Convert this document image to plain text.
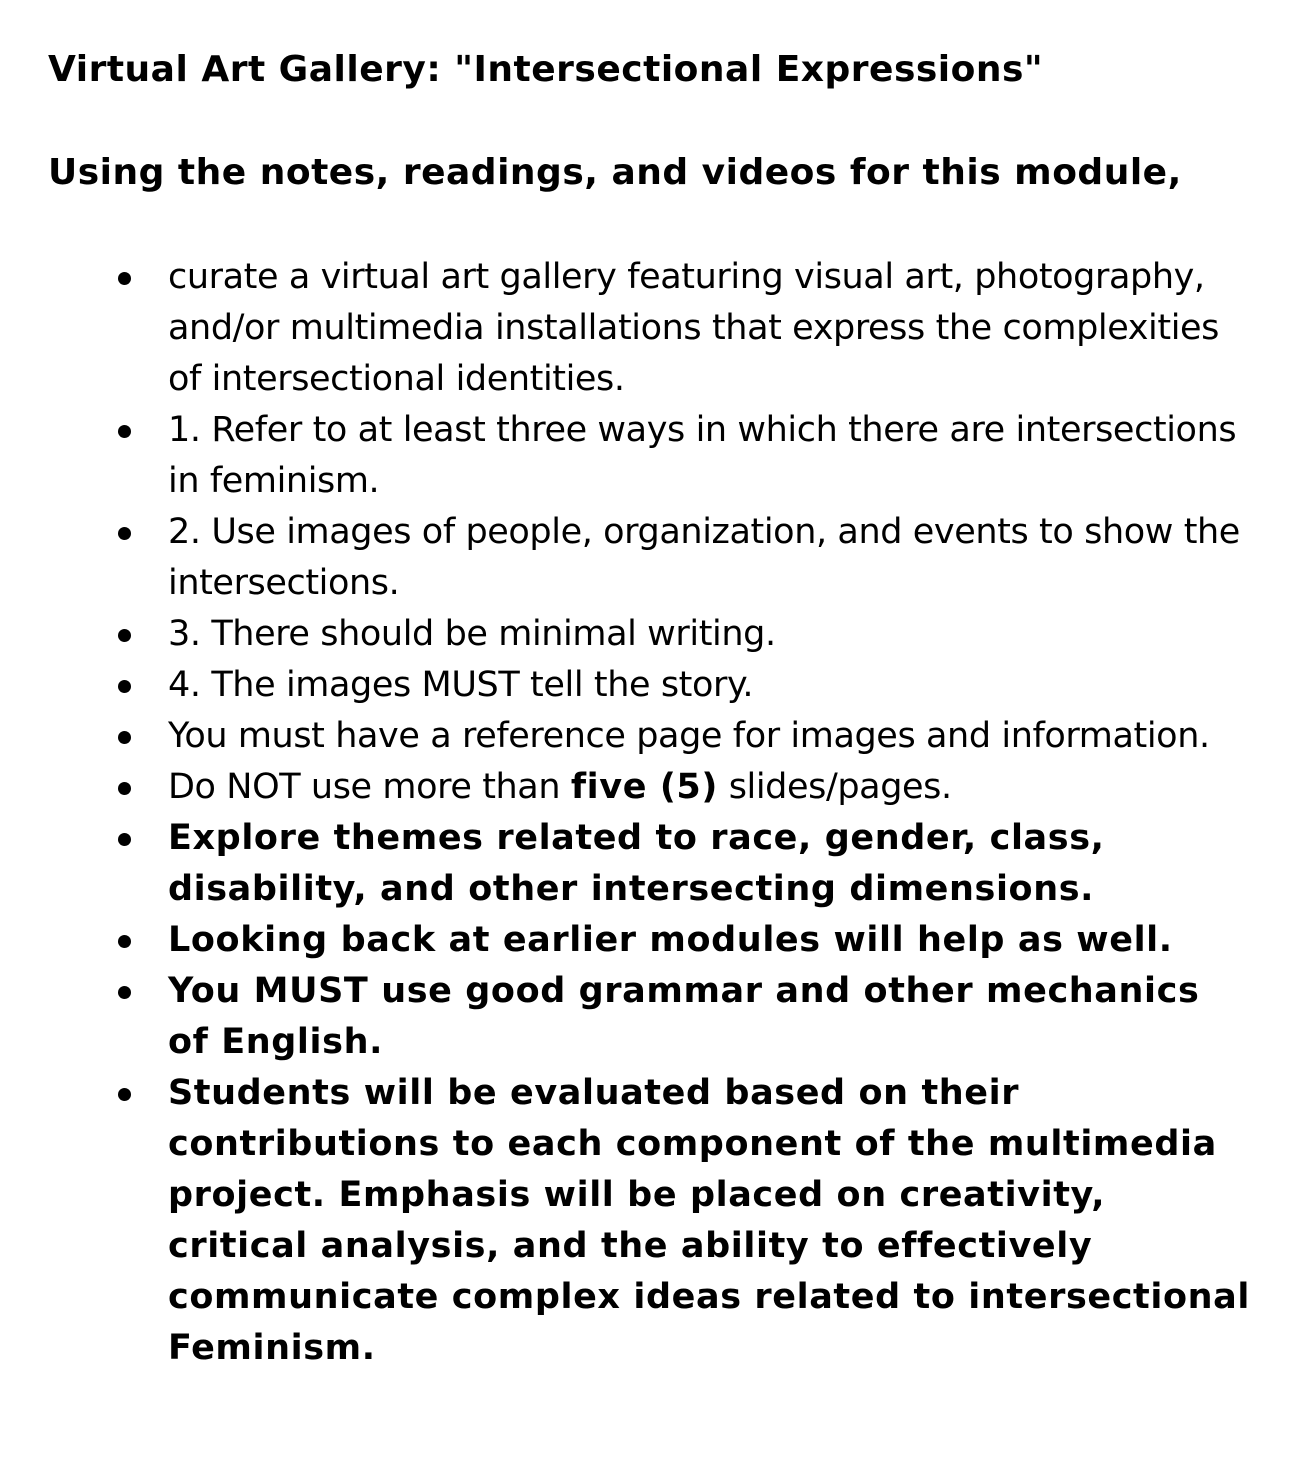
Virtual Art Gallery: "Intersectional Expressions"
Using the notes, readings, and videos for this module,
curate a virtual art gallery featuring visual art, photography, and/or multimedia installations that express the complexities of intersectional identities.
1. Refer to at least three ways in which there are intersections in feminism.
2. Use images of people, organization, and events to show the intersections.
3. There should be minimal writing.
4. The images MUST tell the story.
You must have a reference page for images and information.
Do NOT use more than five (5) slides/pages.
Explore themes related to race, gender, class, disability, and other intersecting dimensions.
Looking back at earlier modules will help as well.
You MUST use good grammar and other mechanics of English.
Students will be evaluated based on their contributions to each component of the multimedia project. Emphasis will be placed on creativity, critical analysis, and the ability to effectively communicate complex ideas related to intersectional Feminism.
